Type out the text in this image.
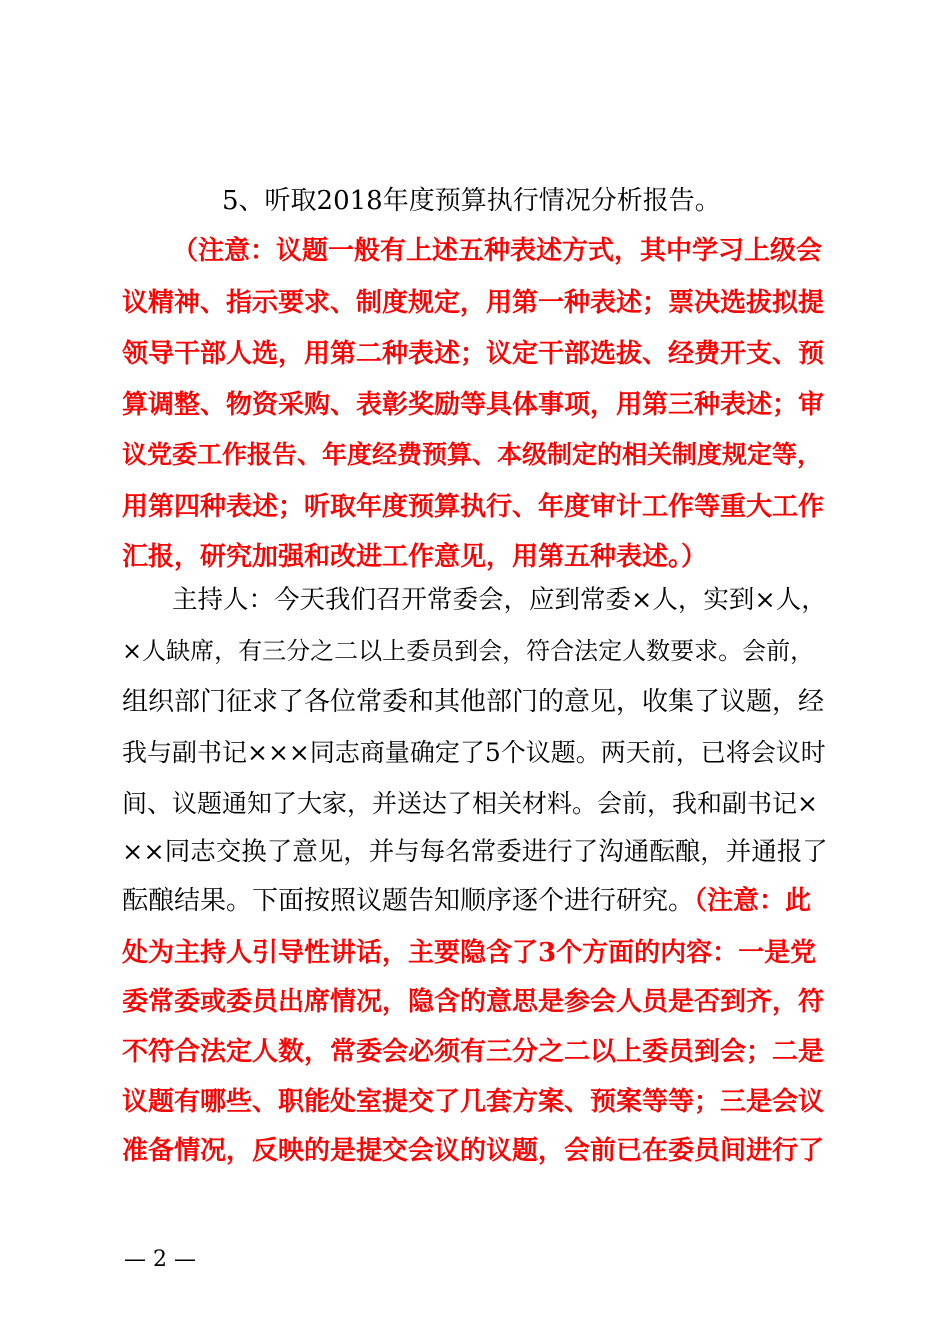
5、听取2018年度预算执行情况分析报告。
（注意：议题一般有上述五种表述方式，其中学习上级会
议精神、指示要求、制度规定，用第一种表述；票决选拔拟提
领导干部人选，用第二种表述；议定干部选拔、经费开支、预
算调整、物资采购、表彰奖励等具体事项，用第三种表述；审
议党委工作报告、年度经费预算、本级制定的相关制度规定等，
用第四种表述；听取年度预算执行、年度审计工作等重大工作
汇报，研究加强和改进工作意见，用第五种表述。）
主持人：今天我们召开常委会，应到常委×人，实到×人，
×人缺席，有三分之二以上委员到会，符合法定人数要求。会前，
组织部门征求了各位常委和其他部门的意见，收集了议题，经
我与副书记×××同志商量确定了5个议题。两天前，已将会议时
间、议题通知了大家，并送达了相关材料。会前，我和副书记×
××同志交换了意见，并与每名常委进行了沟通酝酿，并通报了
酝酿结果。下面按照议题告知顺序逐个进行研究。（注意：此
处为主持人引导性讲话，主要隐含了3个方面的内容：一是党
委常委或委员出席情况，隐含的意思是参会人员是否到齐，符
不符合法定人数，常委会必须有三分之二以上委员到会；二是
议题有哪些、职能处室提交了几套方案、预案等等；三是会议
准备情况，反映的是提交会议的议题，会前已在委员间进行了
— 2 —
